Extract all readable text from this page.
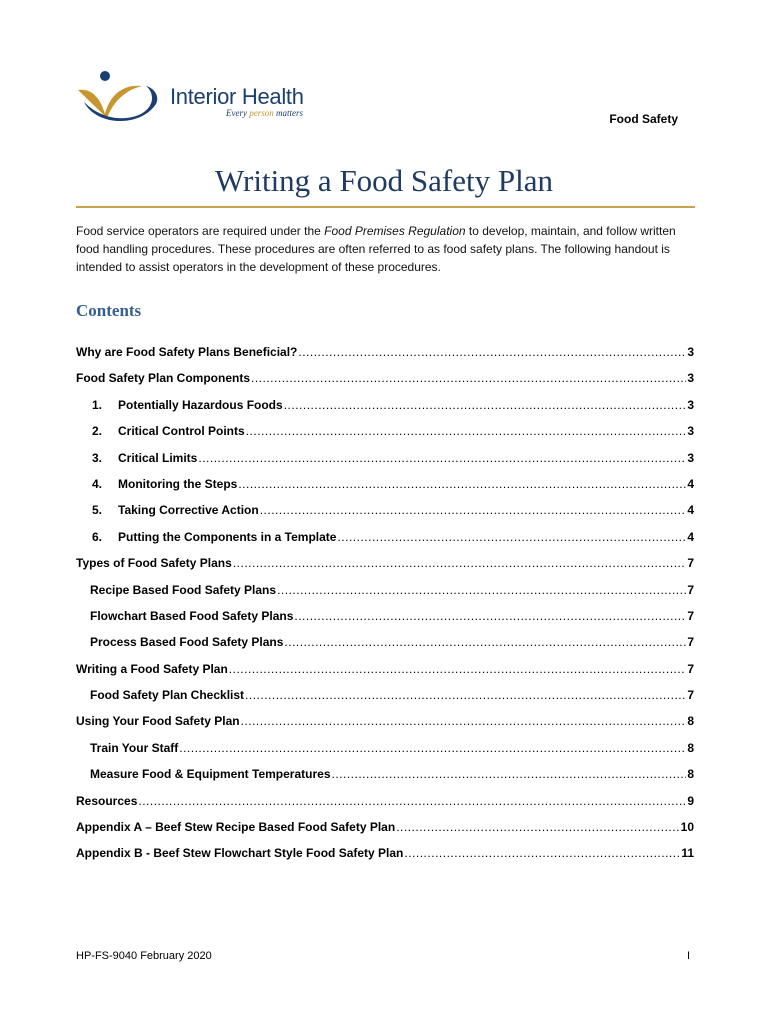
Interior Health
Every person matters	Food Safety
Writing a Food Safety Plan

Food service operators are required under the Food Premises Regulation to develop, maintain, and follow written food handling procedures. These procedures are often referred to as food safety plans. The following handout is intended to assist operators in the development of these procedures.

Contents
Why are Food Safety Plans Beneficial? .....	3
Food Safety Plan Components .....	3
1.	Potentially Hazardous Foods .....	3
2.	Critical Control Points .....	3
3.	Critical Limits .....	3
4.	Monitoring the Steps .....	4
5.	Taking Corrective Action .....	4
6.	Putting the Components in a Template .....	4
Types of Food Safety Plans .....	7
Recipe Based Food Safety Plans .....	7
Flowchart Based Food Safety Plans .....	7
Process Based Food Safety Plans .....	7
Writing a Food Safety Plan .....	7
Food Safety Plan Checklist .....	7
Using Your Food Safety Plan .....	8
Train Your Staff .....	8
Measure Food & Equipment Temperatures .....	8
Resources .....	9
Appendix A – Beef Stew Recipe Based Food Safety Plan .....	10
Appendix B - Beef Stew Flowchart Style Food Safety Plan .....	11
HP-FS-9040 February 2020	I
